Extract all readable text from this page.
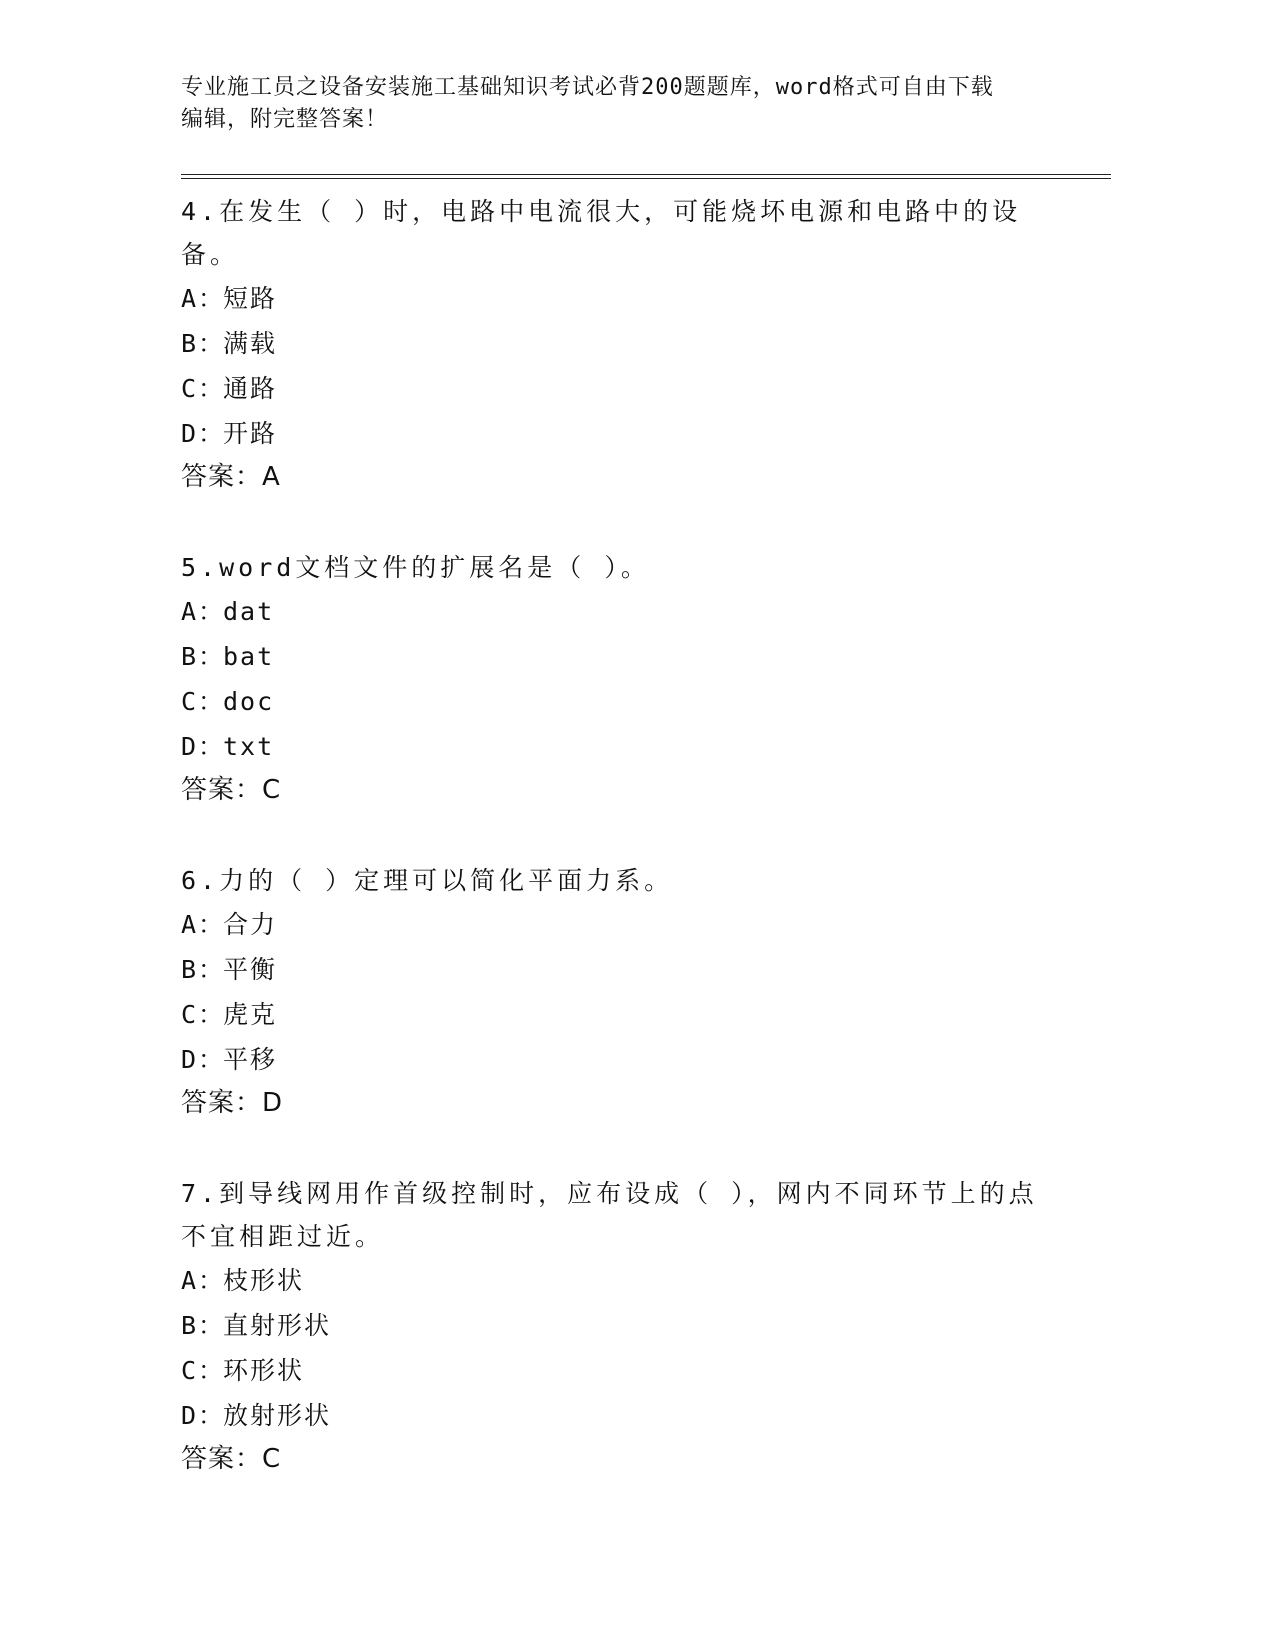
专业施工员之设备安装施工基础知识考试必背200题题库，word格式可自由下载
编辑，附完整答案！
4.在发生（ ）时，电路中电流很大，可能烧坏电源和电路中的设备。
A：短路
B：满载
C：通路
D：开路
答案：A
5.word文档文件的扩展名是（ ）。
A：dat
B：bat
C：doc
D：txt
答案：C
6.力的（ ）定理可以简化平面力系。
A：合力
B：平衡
C：虎克
D：平移
答案：D
7.到导线网用作首级控制时，应布设成（ ），网内不同环节上的点不宜相距过近。
A：枝形状
B：直射形状
C：环形状
D：放射形状
答案：C
